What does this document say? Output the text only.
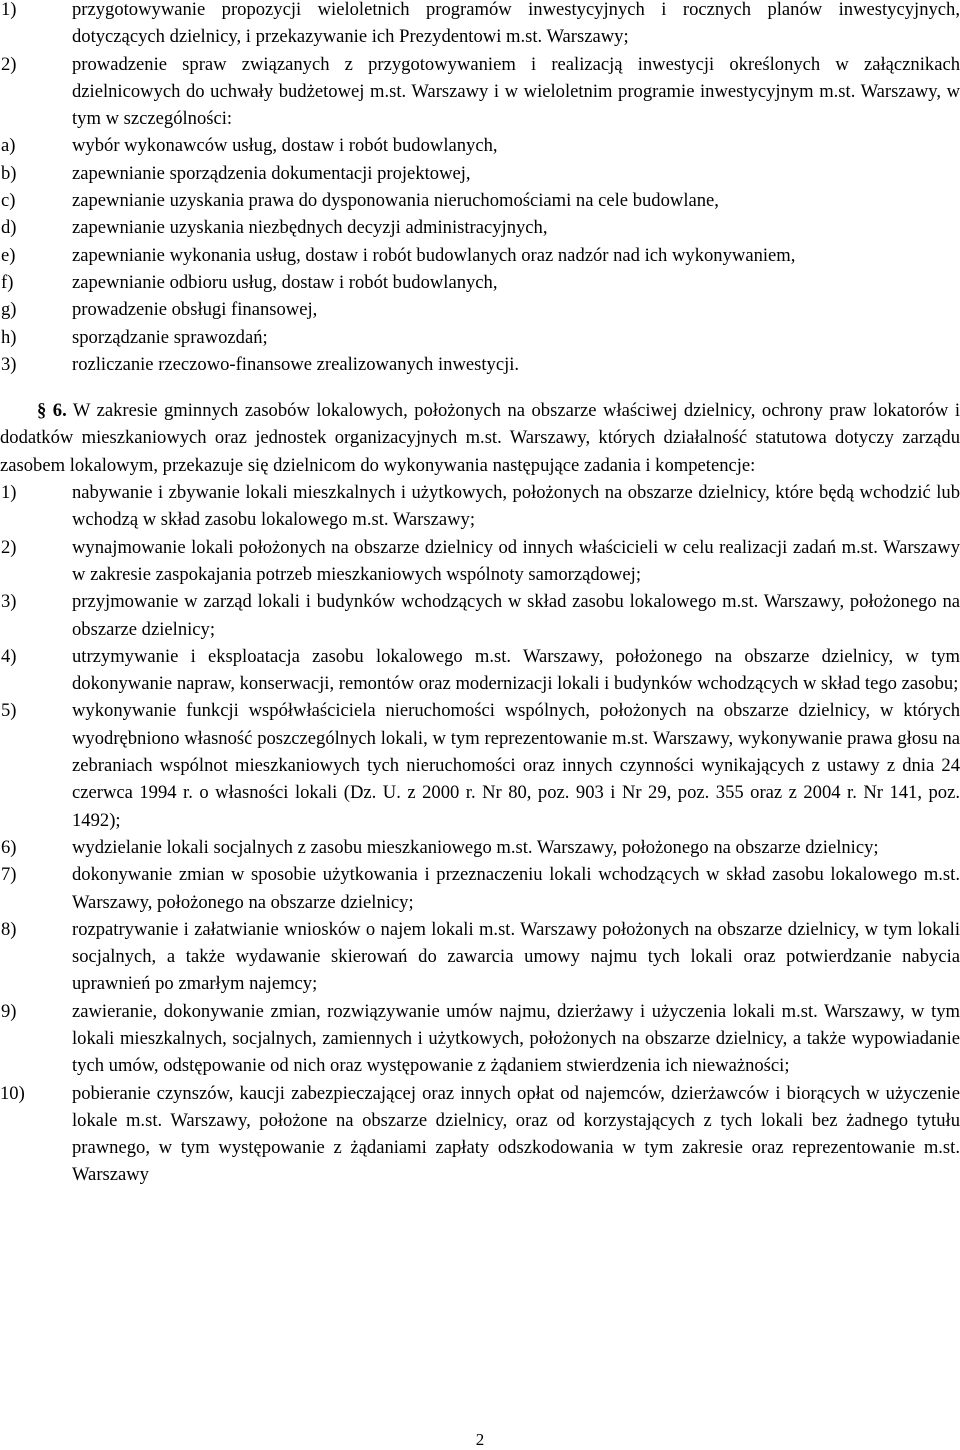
1)	przygotowywanie propozycji wieloletnich programów inwestycyjnych i rocznych planów inwestycyjnych, dotyczących dzielnicy, i przekazywanie ich Prezydentowi m.st. Warszawy;
2)	prowadzenie spraw związanych z przygotowywaniem i realizacją inwestycji określonych w załącznikach dzielnicowych do uchwały budżetowej m.st. Warszawy i w wieloletnim programie inwestycyjnym m.st. Warszawy, w tym w szczególności:
a)	wybór wykonawców usług, dostaw i robót budowlanych,
b)	zapewnianie sporządzenia dokumentacji projektowej,
c)	zapewnianie uzyskania prawa do dysponowania nieruchomościami na cele budowlane,
d)	zapewnianie uzyskania niezbędnych decyzji administracyjnych,
e)	zapewnianie wykonania usług, dostaw i robót budowlanych oraz nadzór nad ich wykonywaniem,
f)	zapewnianie odbioru usług, dostaw i robót budowlanych,
g)	prowadzenie obsługi finansowej,
h)	sporządzanie sprawozdań;
3)	rozliczanie rzeczowo-finansowe zrealizowanych inwestycji.
§ 6. W zakresie gminnych zasobów lokalowych, położonych na obszarze właściwej dzielnicy, ochrony praw lokatorów i dodatków mieszkaniowych oraz jednostek organizacyjnych m.st. Warszawy, których działalność statutowa dotyczy zarządu zasobem lokalowym, przekazuje się dzielnicom do wykonywania następujące zadania i kompetencje:
1)	nabywanie i zbywanie lokali mieszkalnych i użytkowych, położonych na obszarze dzielnicy, które będą wchodzić lub wchodzą w skład zasobu lokalowego m.st. Warszawy;
2)	wynajmowanie lokali położonych na obszarze dzielnicy od innych właścicieli w celu realizacji zadań m.st. Warszawy w zakresie zaspokajania potrzeb mieszkaniowych wspólnoty samorządowej;
3)	przyjmowanie w zarząd lokali i budynków wchodzących w skład zasobu lokalowego m.st. Warszawy, położonego na obszarze dzielnicy;
4)	utrzymywanie i eksploatacja zasobu lokalowego m.st. Warszawy, położonego na obszarze dzielnicy, w tym dokonywanie napraw, konserwacji, remontów oraz modernizacji lokali i budynków wchodzących w skład tego zasobu;
5)	wykonywanie funkcji współwłaściciela nieruchomości wspólnych, położonych na obszarze dzielnicy, w których wyodrębniono własność poszczególnych lokali, w tym reprezentowanie m.st. Warszawy, wykonywanie prawa głosu na zebraniach wspólnot mieszkaniowych tych nieruchomości oraz innych czynności wynikających z ustawy z dnia 24 czerwca 1994 r. o własności lokali (Dz. U. z 2000 r. Nr 80, poz. 903 i Nr 29, poz. 355 oraz z 2004 r. Nr 141, poz. 1492);
6)	wydzielanie lokali socjalnych z zasobu mieszkaniowego m.st. Warszawy, położonego na obszarze dzielnicy;
7)	dokonywanie zmian w sposobie użytkowania i przeznaczeniu lokali wchodzących w skład zasobu lokalowego m.st. Warszawy, położonego na obszarze dzielnicy;
8)	rozpatrywanie i załatwianie wniosków o najem lokali m.st. Warszawy położonych na obszarze dzielnicy, w tym lokali socjalnych, a także wydawanie skierowań do zawarcia umowy najmu tych lokali oraz potwierdzanie nabycia uprawnień po zmarłym najemcy;
9)	zawieranie, dokonywanie zmian, rozwiązywanie umów najmu, dzierżawy i użyczenia lokali m.st. Warszawy, w tym lokali mieszkalnych, socjalnych, zamiennych i użytkowych, położonych na obszarze dzielnicy, a także wypowiadanie tych umów, odstępowanie od nich oraz występowanie z żądaniem stwierdzenia ich nieważności;
10)	pobieranie czynszów, kaucji zabezpieczającej oraz innych opłat od najemców, dzierżawców i biorących w użyczenie lokale m.st. Warszawy, położone na obszarze dzielnicy, oraz od korzystających z tych lokali bez żadnego tytułu prawnego, w tym występowanie z żądaniami zapłaty odszkodowania w tym zakresie oraz reprezentowanie m.st. Warszawy
2
